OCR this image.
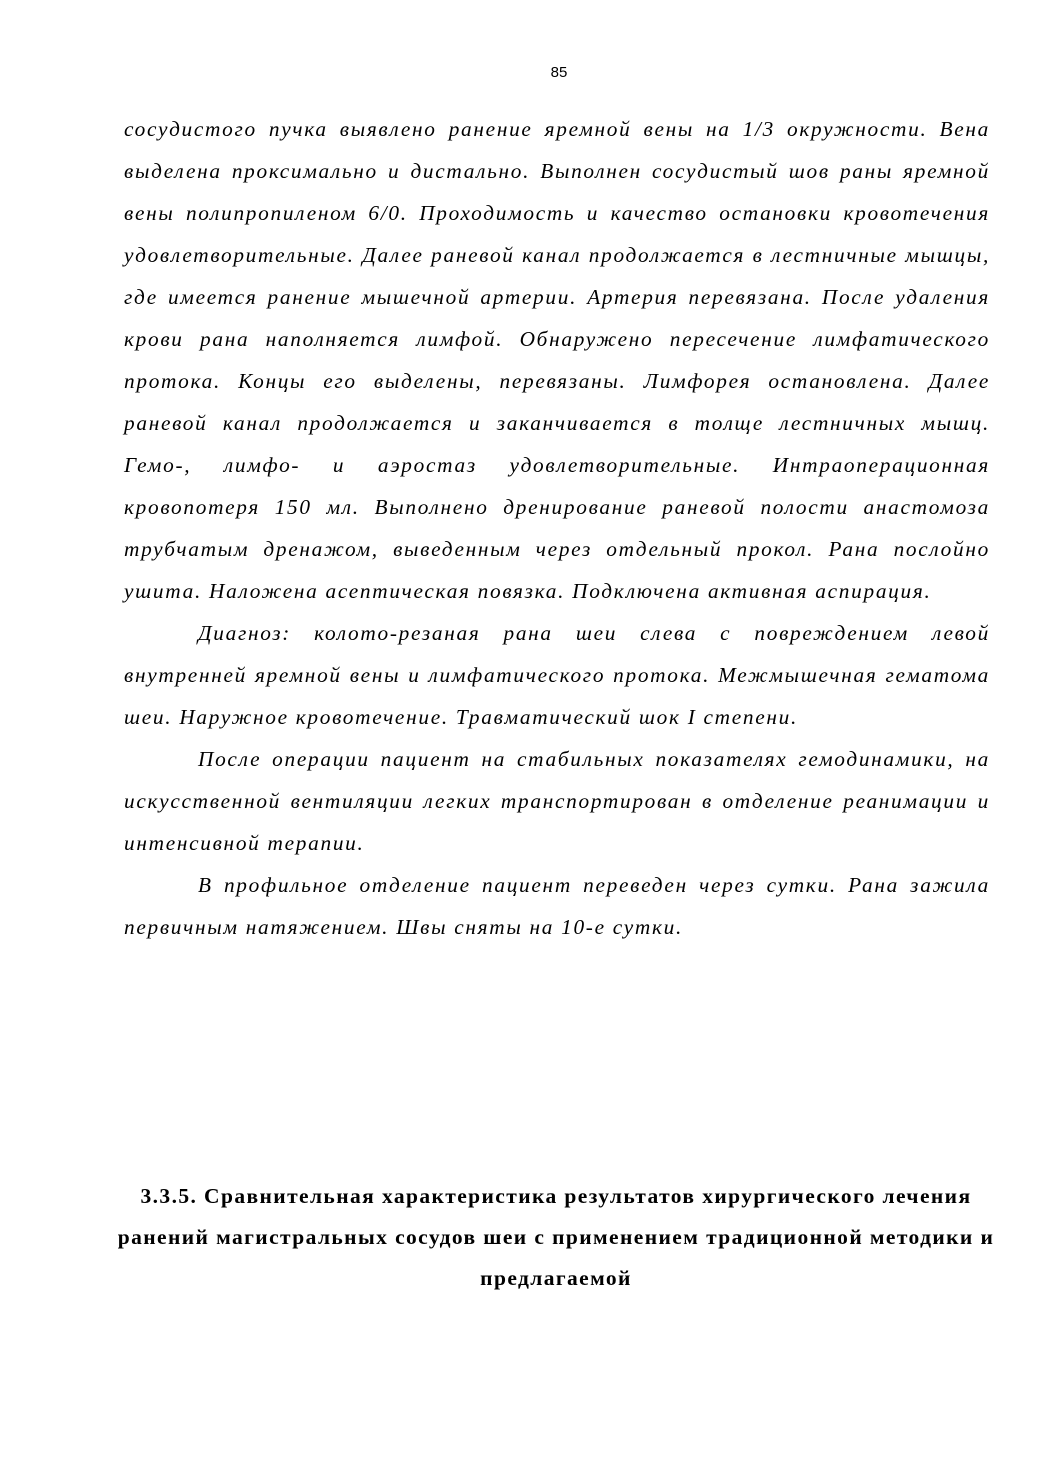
85

сосудистого пучка выявлено ранение яремной вены на 1/3 окружности. Вена выделена проксимально и дистально. Выполнен сосудистый шов раны яремной вены полипропиленом 6/0. Проходимость и качество остановки кровотечения удовлетворительные. Далее раневой канал продолжается в лестничные мышцы, где имеется ранение мышечной артерии. Артерия перевязана. После удаления крови рана наполняется лимфой. Обнаружено пересечение лимфатического протока. Концы его выделены, перевязаны. Лимфорея остановлена. Далее раневой канал продолжается и заканчивается в толще лестничных мышц. Гемо-, лимфо- и аэростаз удовлетворительные. Интраоперационная кровопотеря 150 мл. Выполнено дренирование раневой полости анастомоза трубчатым дренажом, выведенным через отдельный прокол. Рана послойно ушита. Наложена асептическая повязка. Подключена активная аспирация.

Диагноз: колото-резаная рана шеи слева с повреждением левой внутренней яремной вены и лимфатического протока. Межмышечная гематома шеи. Наружное кровотечение. Травматический шок I степени.

После операции пациент на стабильных показателях гемодинамики, на искусственной вентиляции легких транспортирован в отделение реанимации и интенсивной терапии.

В профильное отделение пациент переведен через сутки. Рана зажила первичным натяжением. Швы сняты на 10-е сутки.

3.3.5. Сравнительная характеристика результатов хирургического лечения ранений магистральных сосудов шеи с применением традиционной методики и предлагаемой
